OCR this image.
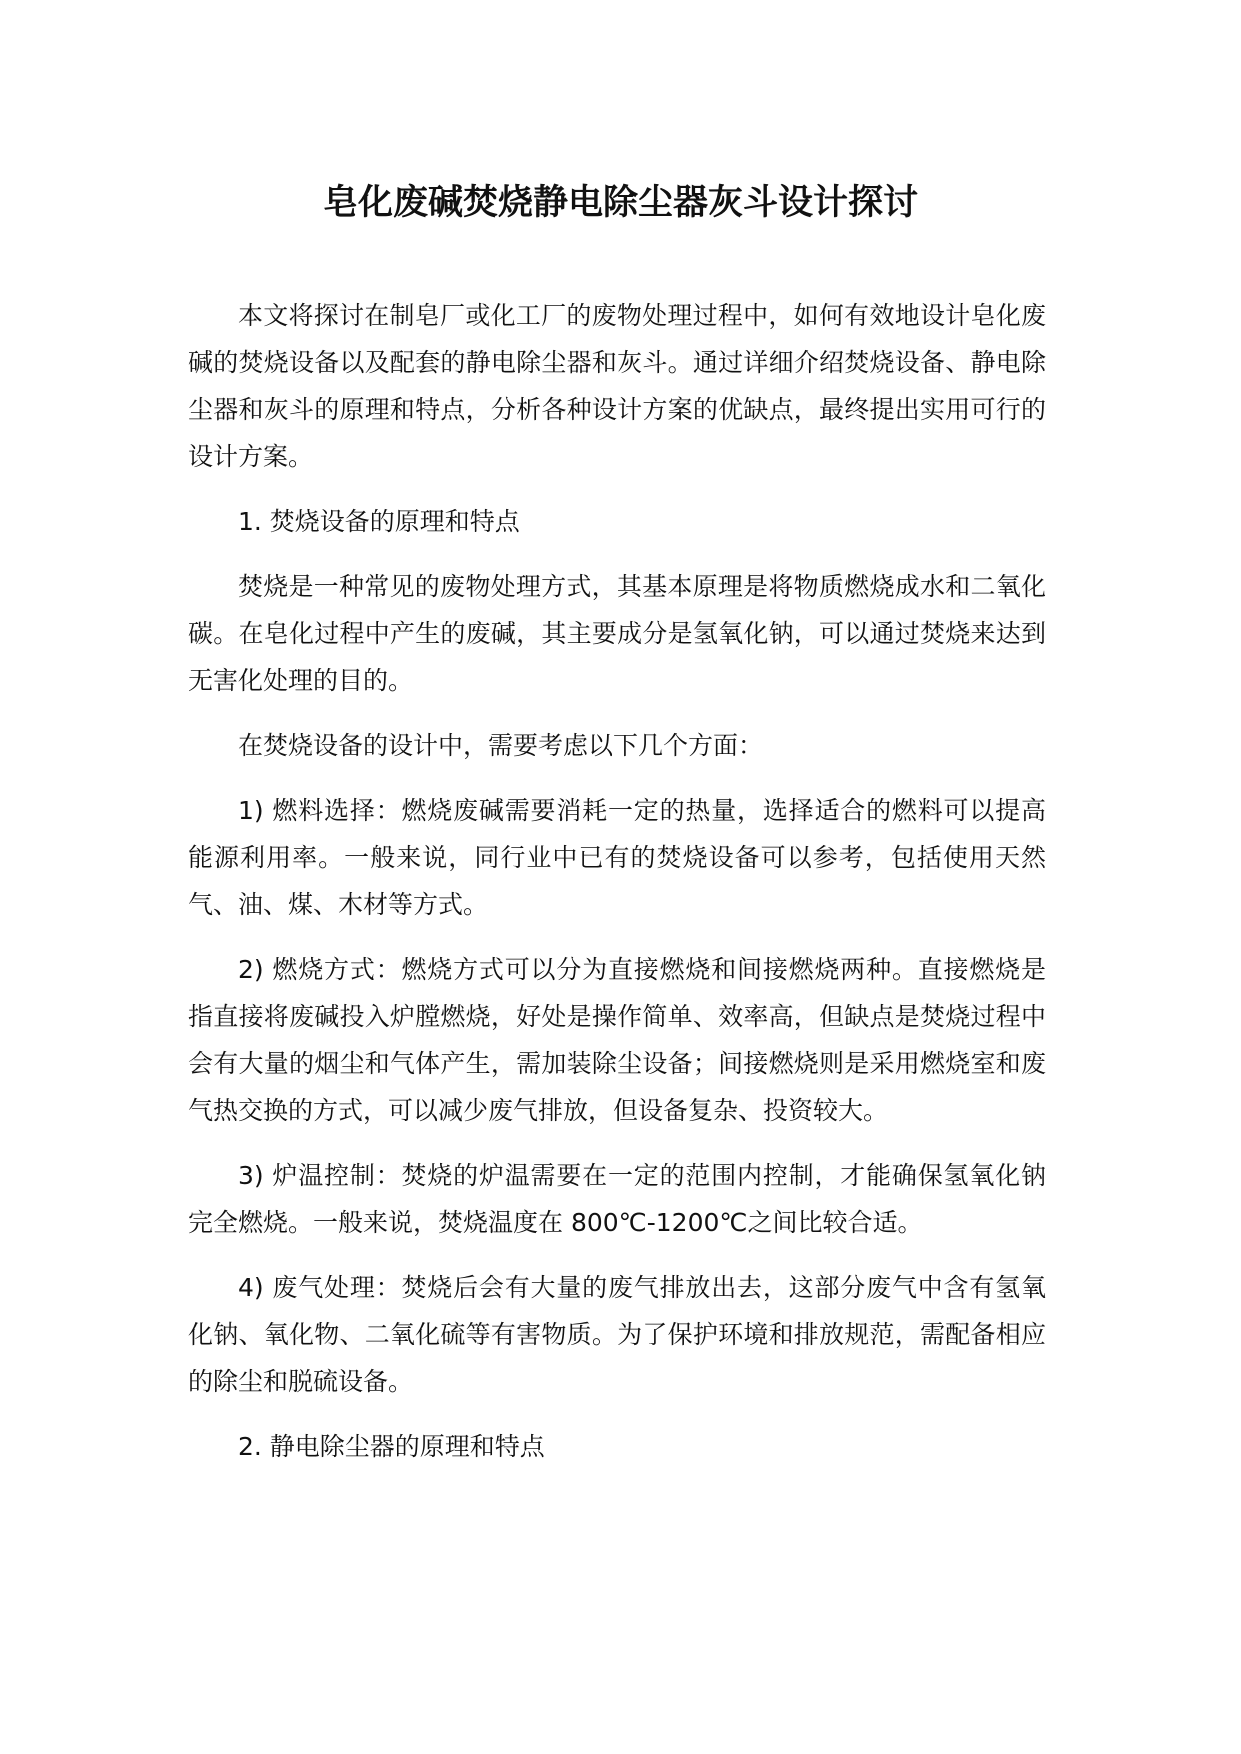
皂化废碱焚烧静电除尘器灰斗设计探讨

本文将探讨在制皂厂或化工厂的废物处理过程中，如何有效地设计皂化废碱的焚烧设备以及配套的静电除尘器和灰斗。通过详细介绍焚烧设备、静电除尘器和灰斗的原理和特点，分析各种设计方案的优缺点，最终提出实用可行的设计方案。

1. 焚烧设备的原理和特点

焚烧是一种常见的废物处理方式，其基本原理是将物质燃烧成水和二氧化碳。在皂化过程中产生的废碱，其主要成分是氢氧化钠，可以通过焚烧来达到无害化处理的目的。

在焚烧设备的设计中，需要考虑以下几个方面：

1) 燃料选择：燃烧废碱需要消耗一定的热量，选择适合的燃料可以提高能源利用率。一般来说，同行业中已有的焚烧设备可以参考，包括使用天然气、油、煤、木材等方式。

2) 燃烧方式：燃烧方式可以分为直接燃烧和间接燃烧两种。直接燃烧是指直接将废碱投入炉膛燃烧，好处是操作简单、效率高，但缺点是焚烧过程中会有大量的烟尘和气体产生，需加装除尘设备；间接燃烧则是采用燃烧室和废气热交换的方式，可以减少废气排放，但设备复杂、投资较大。

3) 炉温控制：焚烧的炉温需要在一定的范围内控制，才能确保氢氧化钠完全燃烧。一般来说，焚烧温度在 800℃-1200℃之间比较合适。

4) 废气处理：焚烧后会有大量的废气排放出去，这部分废气中含有氢氧化钠、氧化物、二氧化硫等有害物质。为了保护环境和排放规范，需配备相应的除尘和脱硫设备。

2. 静电除尘器的原理和特点
